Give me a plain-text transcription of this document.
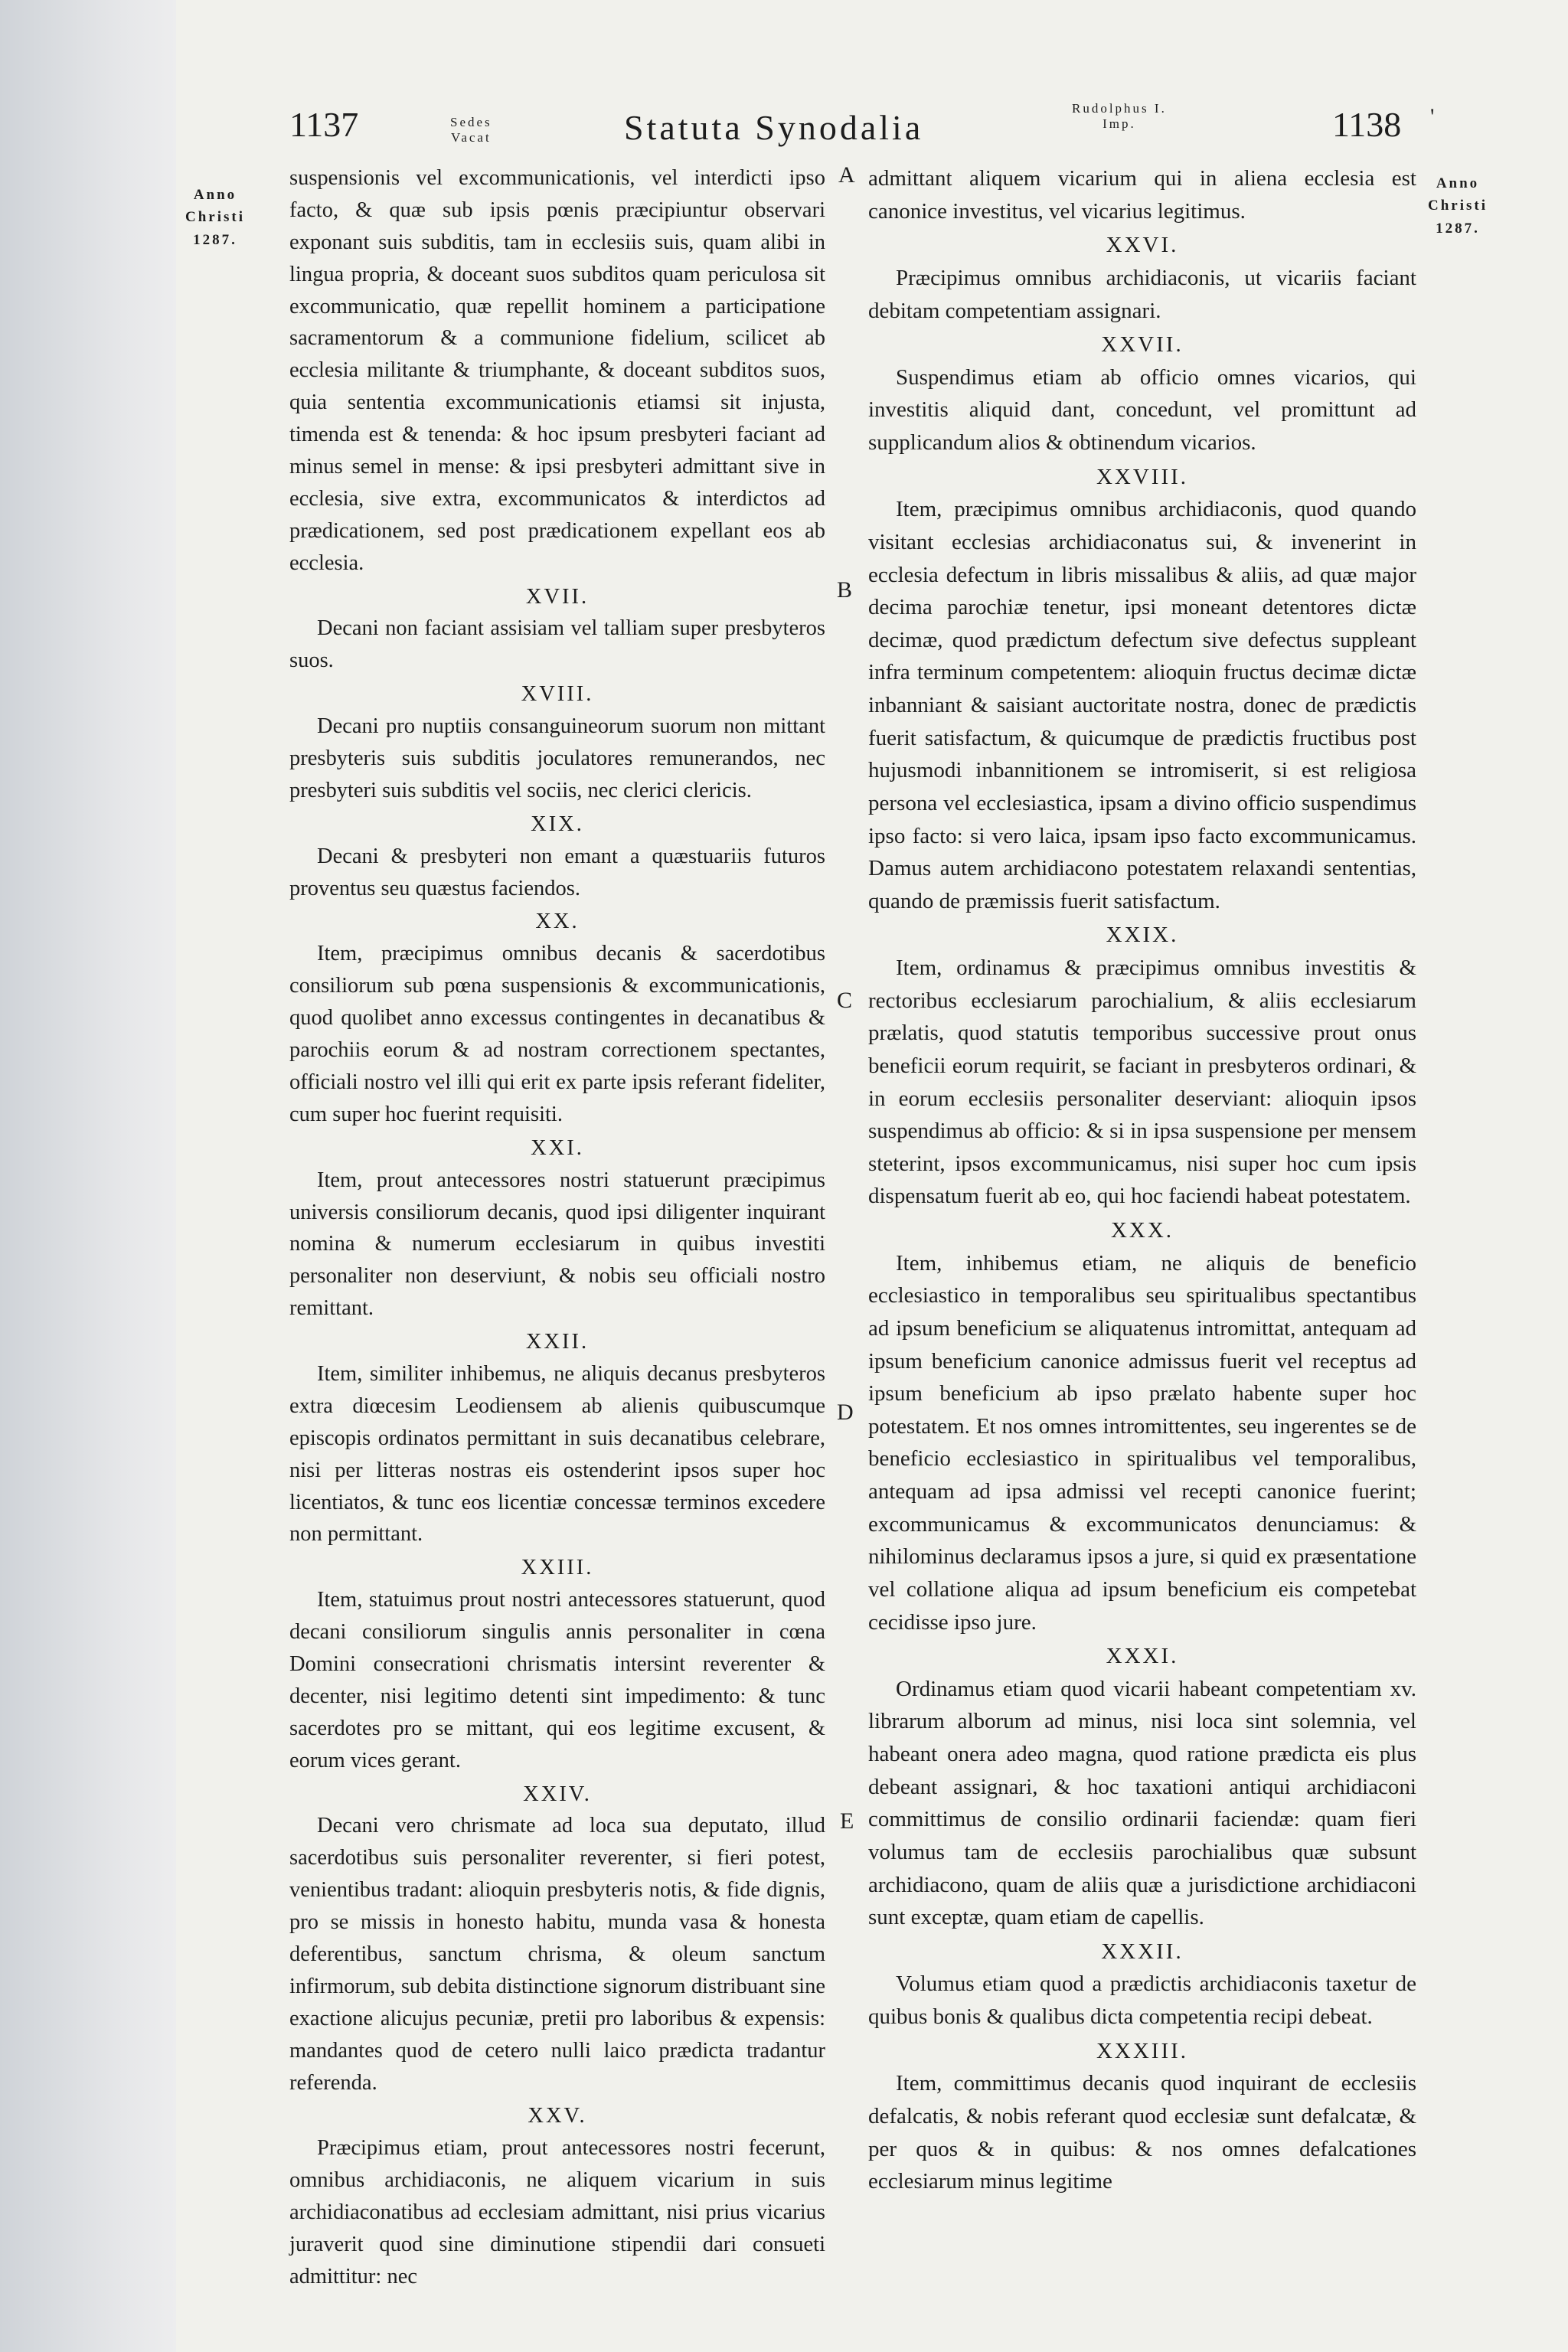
1137	Sedes
Vacat	Statuta Synodalia	Rudolphus I.
Imp.	1138 '
Anno
Christi
1287.
Anno
Christi
1287.
A
B
C
D
E
suspensionis vel excommunicationis, vel interdicti ipso facto, & quæ sub ipsis pœnis præcipiuntur observari exponant suis subditis, tam in ecclesiis suis, quam alibi in lingua propria, & doceant suos subditos quam periculosa sit excommunicatio, quæ repellit hominem a participatione sacramentorum & a communione fidelium, scilicet ab ecclesia militante & triumphante, & doceant subditos suos, quia sententia excommunicationis etiamsi sit injusta, timenda est & tenenda: & hoc ipsum presbyteri faciant ad minus semel in mense: & ipsi presbyteri admittant sive in ecclesia, sive extra, excommunicatos & interdictos ad prædicationem, sed post prædicationem expellant eos ab ecclesia.
XVII.
Decani non faciant assisiam vel talliam super presbyteros suos.
XVIII.
Decani pro nuptiis consanguineorum suorum non mittant presbyteris suis subditis joculatores remunerandos, nec presbyteri suis subditis vel sociis, nec clerici clericis.
XIX.
Decani & presbyteri non emant a quæstuariis futuros proventus seu quæstus faciendos.
XX.
Item, præcipimus omnibus decanis & sacerdotibus consiliorum sub pœna suspensionis & excommunicationis, quod quolibet anno excessus contingentes in decanatibus & parochiis eorum & ad nostram correctionem spectantes, officiali nostro vel illi qui erit ex parte ipsis referant fideliter, cum super hoc fuerint requisiti.
XXI.
Item, prout antecessores nostri statuerunt præcipimus universis consiliorum decanis, quod ipsi diligenter inquirant nomina & numerum ecclesiarum in quibus investiti personaliter non deserviunt, & nobis seu officiali nostro remittant.
XXII.
Item, similiter inhibemus, ne aliquis decanus presbyteros extra diœcesim Leodiensem ab alienis quibuscumque episcopis ordinatos permittant in suis decanatibus celebrare, nisi per litteras nostras eis ostenderint ipsos super hoc licentiatos, & tunc eos licentiæ concessæ terminos excedere non permittant.
XXIII.
Item, statuimus prout nostri antecessores statuerunt, quod decani consiliorum singulis annis personaliter in cœna Domini consecrationi chrismatis intersint reverenter & decenter, nisi legitimo detenti sint impedimento: & tunc sacerdotes pro se mittant, qui eos legitime excusent, & eorum vices gerant.
XXIV.
Decani vero chrismate ad loca sua deputato, illud sacerdotibus suis personaliter reverenter, si fieri potest, venientibus tradant: alioquin presbyteris notis, & fide dignis, pro se missis in honesto habitu, munda vasa & honesta deferentibus, sanctum chrisma, & oleum sanctum infirmorum, sub debita distinctione signorum distribuant sine exactione alicujus pecuniæ, pretii pro laboribus & expensis: mandantes quod de cetero nulli laico prædicta tradantur referenda.
XXV.
Præcipimus etiam, prout antecessores nostri fecerunt, omnibus archidiaconis, ne aliquem vicarium in suis archidiaconatibus ad ecclesiam admittant, nisi prius vicarius juraverit quod sine diminutione stipendii dari consueti admittitur: nec
admittant aliquem vicarium qui in aliena ecclesia est canonice investitus, vel vicarius legitimus.
XXVI.
Præcipimus omnibus archidiaconis, ut vicariis faciant debitam competentiam assignari.
XXVII.
Suspendimus etiam ab officio omnes vicarios, qui investitis aliquid dant, concedunt, vel promittunt ad supplicandum alios & obtinendum vicarios.
XXVIII.
Item, præcipimus omnibus archidiaconis, quod quando visitant ecclesias archidiaconatus sui, & invenerint in ecclesia defectum in libris missalibus & aliis, ad quæ major decima parochiæ tenetur, ipsi moneant detentores dictæ decimæ, quod prædictum defectum sive defectus suppleant infra terminum competentem: alioquin fructus decimæ dictæ inbanniant & saisiant auctoritate nostra, donec de prædictis fuerit satisfactum, & quicumque de prædictis fructibus post hujusmodi inbannitionem se intromiserit, si est religiosa persona vel ecclesiastica, ipsam a divino officio suspendimus ipso facto: si vero laica, ipsam ipso facto excommunicamus. Damus autem archidiacono potestatem relaxandi sententias, quando de præmissis fuerit satisfactum.
XXIX.
Item, ordinamus & præcipimus omnibus investitis & rectoribus ecclesiarum parochialium, & aliis ecclesiarum prælatis, quod statutis temporibus successive prout onus beneficii eorum requirit, se faciant in presbyteros ordinari, & in eorum ecclesiis personaliter deserviant: alioquin ipsos suspendimus ab officio: & si in ipsa suspensione per mensem steterint, ipsos excommunicamus, nisi super hoc cum ipsis dispensatum fuerit ab eo, qui hoc faciendi habeat potestatem.
XXX.
Item, inhibemus etiam, ne aliquis de beneficio ecclesiastico in temporalibus seu spiritualibus spectantibus ad ipsum beneficium se aliquatenus intromittat, antequam ad ipsum beneficium canonice admissus fuerit vel receptus ad ipsum beneficium ab ipso prælato habente super hoc potestatem. Et nos omnes intromittentes, seu ingerentes se de beneficio ecclesiastico in spiritualibus vel temporalibus, antequam ad ipsa admissi vel recepti canonice fuerint; excommunicamus & excommunicatos denunciamus: & nihilominus declaramus ipsos a jure, si quid ex præsentatione vel collatione aliqua ad ipsum beneficium eis competebat cecidisse ipso jure.
XXXI.
Ordinamus etiam quod vicarii habeant competentiam xv. librarum alborum ad minus, nisi loca sint solemnia, vel habeant onera adeo magna, quod ratione prædicta eis plus debeant assignari, & hoc taxationi antiqui archidiaconi committimus de consilio ordinarii faciendæ: quam fieri volumus tam de ecclesiis parochialibus quæ subsunt archidiacono, quam de aliis quæ a jurisdictione archidiaconi sunt exceptæ, quam etiam de capellis.
XXXII.
Volumus etiam quod a prædictis archidiaconis taxetur de quibus bonis & qualibus dicta competentia recipi debeat.
XXXIII.
Item, committimus decanis quod inquirant de ecclesiis defalcatis, & nobis referant quod ecclesiæ sunt defalcatæ, & per quos & in quibus: & nos omnes defalcationes ecclesiarum minus legitime
